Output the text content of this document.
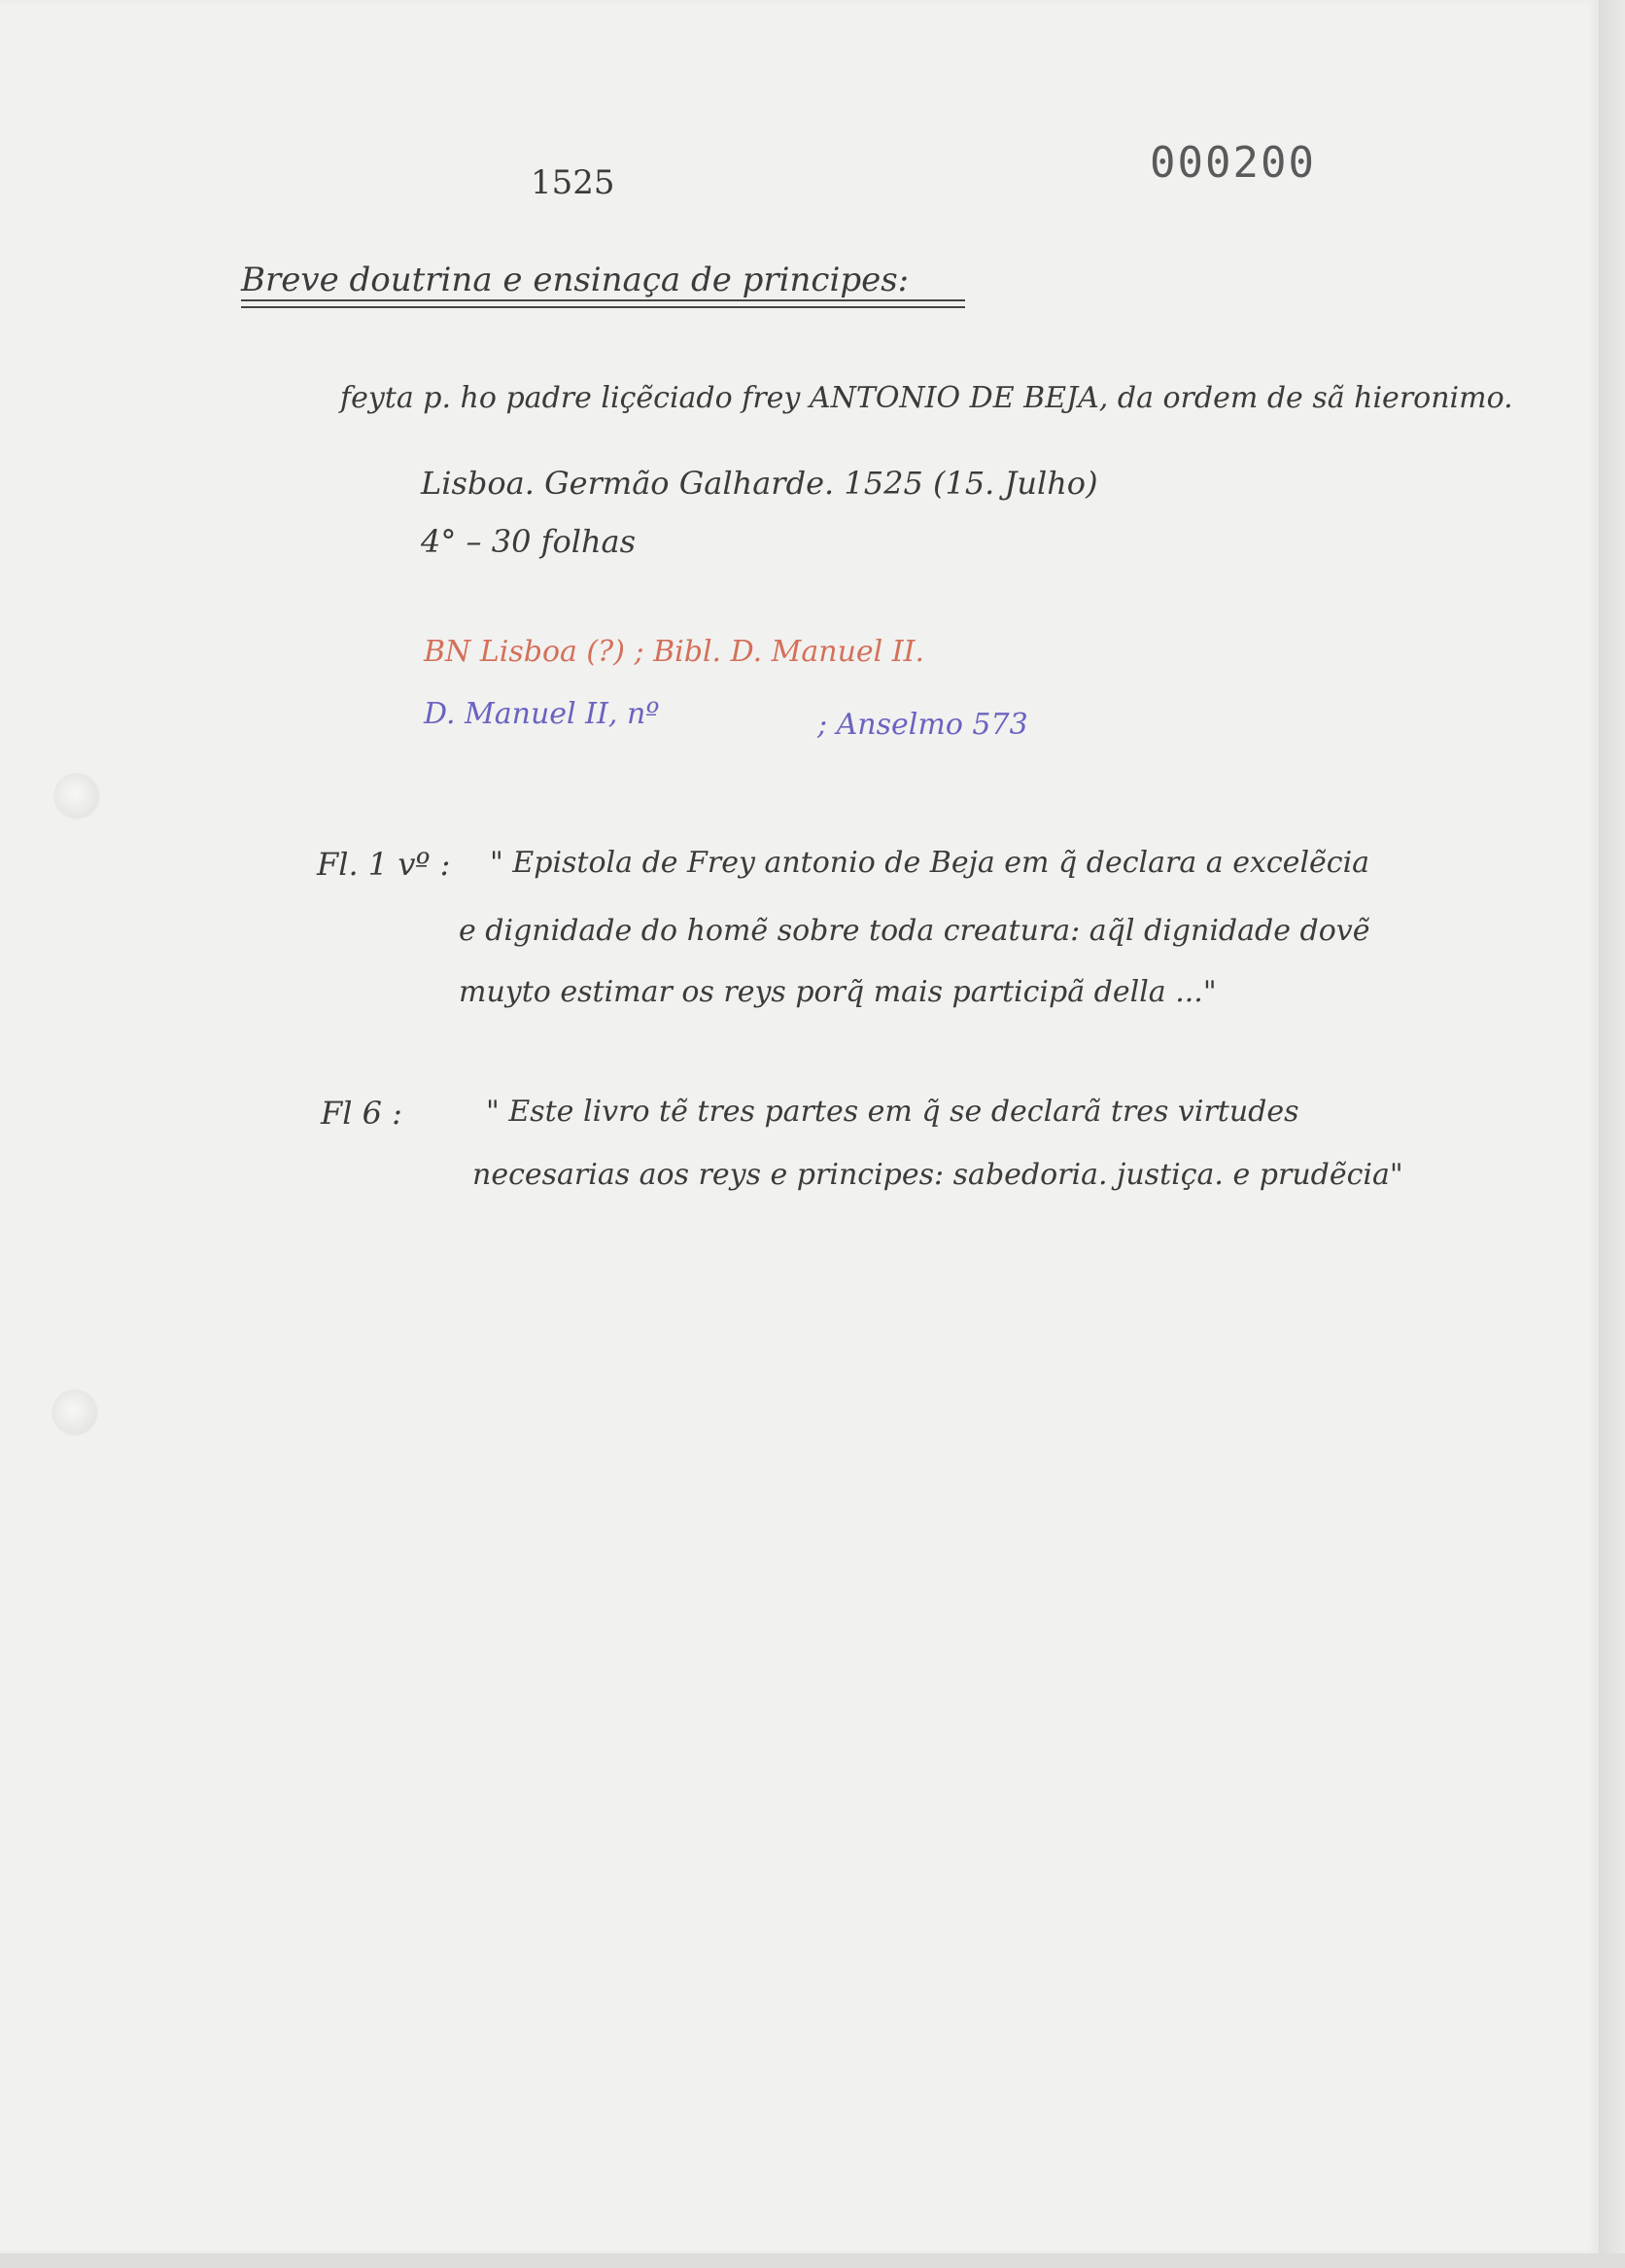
1525	000200
Breve doutrina e ensinaça de principes:
feyta p. ho padre liçẽciado frey ANTONIO DE BEJA, da ordem de sã hieronimo.
Lisboa. Germão Galharde. 1525 (15. Julho)
4° – 30 folhas
BN Lisboa (?) ; Bibl. D. Manuel II.
D. Manuel II, nº	; Anselmo 573
Fl. 1 vº : " Epistola de Frey antonio de Beja em q̃ declara a excelẽcia
e dignidade do homẽ sobre toda creatura: aq̃l dignidade dovẽ
muyto estimar os reys porq̃ mais participã della ..."
Fl 6 :	" Este livro tẽ tres partes em q̃ se declarã tres virtudes
necesarias aos reys e principes: sabedoria. justiça. e prudẽcia"
